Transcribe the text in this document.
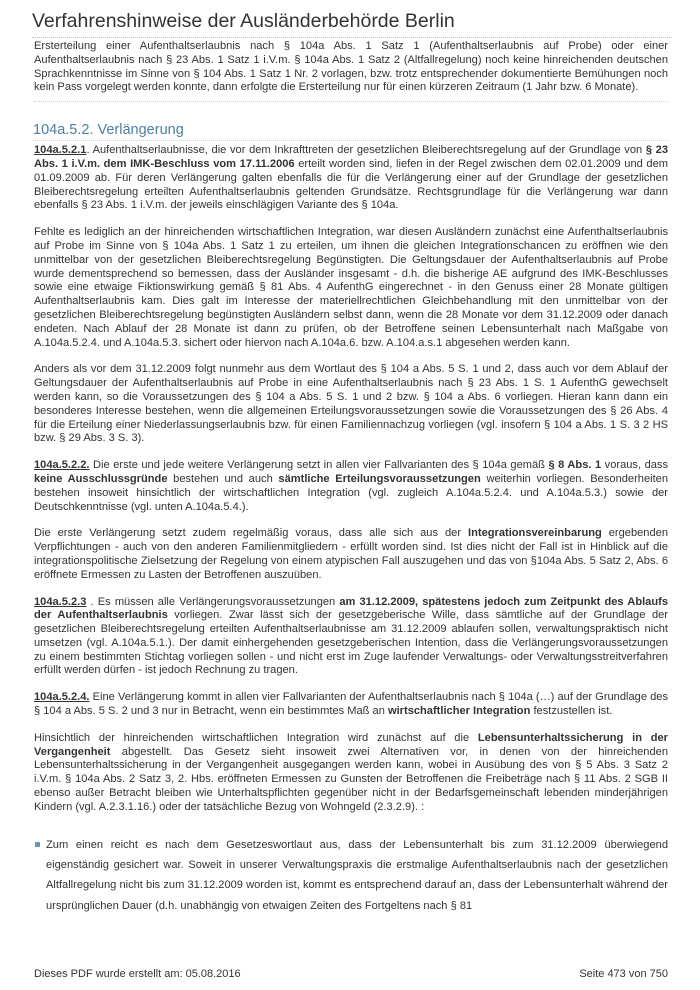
Verfahrenshinweise der Ausländerbehörde Berlin

Ersterteilung einer Aufenthaltserlaubnis nach § 104a Abs. 1 Satz 1 (Aufenthaltserlaubnis auf Probe) oder einer Aufenthaltserlaubnis nach § 23 Abs. 1 Satz 1 i.V.m. § 104a Abs. 1 Satz 2 (Altfallregelung) noch keine hinreichenden deutschen Sprachkenntnisse im Sinne von § 104 Abs. 1 Satz 1 Nr. 2 vorlagen, bzw. trotz entsprechender dokumentierte Bemühungen noch kein Pass vorgelegt werden konnte, dann erfolgte die Ersterteilung nur für einen kürzeren Zeitraum (1 Jahr bzw. 6 Monate).

104a.5.2. Verlängerung

104a.5.2.1. Aufenthaltserlaubnisse, die vor dem Inkrafttreten der gesetzlichen Bleiberechtsregelung auf der Grundlage von § 23 Abs. 1 i.V.m. dem IMK-Beschluss vom 17.11.2006 erteilt worden sind, liefen in der Regel zwischen dem 02.01.2009 und dem 01.09.2009 ab. Für deren Verlängerung galten ebenfalls die für die Verlängerung einer auf der Grundlage der gesetzlichen Bleiberechtsregelung erteilten Aufenthaltserlaubnis geltenden Grundsätze. Rechtsgrundlage für die Verlängerung war dann ebenfalls § 23 Abs. 1 i.V.m. der jeweils einschlägigen Variante des § 104a.

Fehlte es lediglich an der hinreichenden wirtschaftlichen Integration, war diesen Ausländern zunächst eine Aufenthaltserlaubnis auf Probe im Sinne von § 104a Abs. 1 Satz 1 zu erteilen, um ihnen die gleichen Integrationschancen zu eröffnen wie den unmittelbar von der gesetzlichen Bleiberechtsregelung Begünstigten. Die Geltungsdauer der Aufenthaltserlaubnis auf Probe wurde dementsprechend so bemessen, dass der Ausländer insgesamt - d.h. die bisherige AE aufgrund des IMK-Beschlusses sowie eine etwaige Fiktionswirkung gemäß § 81 Abs. 4 AufenthG eingerechnet - in den Genuss einer 28 Monate gültigen Aufenthaltserlaubnis kam. Dies galt im Interesse der materiellrechtlichen Gleichbehandlung mit den unmittelbar von der gesetzlichen Bleiberechtsregelung begünstigten Ausländern selbst dann, wenn die 28 Monate vor dem 31.12.2009 oder danach endeten. Nach Ablauf der 28 Monate ist dann zu prüfen, ob der Betroffene seinen Lebensunterhalt nach Maßgabe von A.104a.5.2.4. und A.104a.5.3. sichert oder hiervon nach A.104a.6. bzw. A.104.a.s.1 abgesehen werden kann.

Anders als vor dem 31.12.2009 folgt nunmehr aus dem Wortlaut des § 104 a Abs. 5 S. 1 und 2, dass auch vor dem Ablauf der Geltungsdauer der Aufenthaltserlaubnis auf Probe in eine Aufenthaltserlaubnis nach § 23 Abs. 1 S. 1 AufenthG gewechselt werden kann, so die Voraussetzungen des § 104 a Abs. 5 S. 1 und 2 bzw. § 104 a Abs. 6 vorliegen. Hieran kann dann ein besonderes Interesse bestehen, wenn die allgemeinen Erteilungsvoraussetzungen sowie die Voraussetzungen des § 26 Abs. 4 für die Erteilung einer Niederlassungserlaubnis bzw. für einen Familiennachzug vorliegen (vgl. insofern § 104 a Abs. 1 S. 3 2 HS bzw. § 29 Abs. 3 S. 3).

104a.5.2.2. Die erste und jede weitere Verlängerung setzt in allen vier Fallvarianten des § 104a gemäß § 8 Abs. 1 voraus, dass keine Ausschlussgründe bestehen und auch sämtliche Erteilungsvoraussetzungen weiterhin vorliegen. Besonderheiten bestehen insoweit hinsichtlich der wirtschaftlichen Integration (vgl. zugleich A.104a.5.2.4. und A.104a.5.3.) sowie der Deutschkenntnisse (vgl. unten A.104a.5.4.).

Die erste Verlängerung setzt zudem regelmäßig voraus, dass alle sich aus der Integrationsvereinbarung ergebenden Verpflichtungen - auch von den anderen Familienmitgliedern - erfüllt worden sind. Ist dies nicht der Fall ist in Hinblick auf die integrationspolitische Zielsetzung der Regelung von einem atypischen Fall auszugehen und das von §104a Abs. 5 Satz 2, Abs. 6 eröffnete Ermessen zu Lasten der Betroffenen auszuüben.

104a.5.2.3 . Es müssen alle Verlängerungsvoraussetzungen am 31.12.2009, spätestens jedoch zum Zeitpunkt des Ablaufs der Aufenthaltserlaubnis vorliegen. Zwar lässt sich der gesetzgeberische Wille, dass sämtliche auf der Grundlage der gesetzlichen Bleiberechtsregelung erteilten Aufenthaltserlaubnisse am 31.12.2009 ablaufen sollen, verwaltungspraktisch nicht umsetzen (vgl. A.104a.5.1.). Der damit einhergehenden gesetzgeberischen Intention, dass die Verlängerungsvoraussetzungen zu einem bestimmten Stichtag vorliegen sollen - und nicht erst im Zuge laufender Verwaltungs- oder Verwaltungsstreitverfahren erfüllt werden dürfen - ist jedoch Rechnung zu tragen.

104a.5.2.4. Eine Verlängerung kommt in allen vier Fallvarianten der Aufenthaltserlaubnis nach § 104a (…) auf der Grundlage des § 104 a Abs. 5 S. 2 und 3 nur in Betracht, wenn ein bestimmtes Maß an wirtschaftlicher Integration festzustellen ist.

Hinsichtlich der hinreichenden wirtschaftlichen Integration wird zunächst auf die Lebensunterhaltssicherung in der Vergangenheit abgestellt. Das Gesetz sieht insoweit zwei Alternativen vor, in denen von der hinreichenden Lebensunterhaltssicherung in der Vergangenheit ausgegangen werden kann, wobei in Ausübung des von § 5 Abs. 3 Satz 2 i.V.m. § 104a Abs. 2 Satz 3, 2. Hbs. eröffneten Ermessen zu Gunsten der Betroffenen die Freibeträge nach § 11 Abs. 2 SGB II ebenso außer Betracht bleiben wie Unterhaltspflichten gegenüber nicht in der Bedarfsgemeinschaft lebenden minderjährigen Kindern (vgl. A.2.3.1.16.) oder der tatsächliche Bezug von Wohngeld (2.3.2.9). :

Zum einen reicht es nach dem Gesetzeswortlaut aus, dass der Lebensunterhalt bis zum 31.12.2009 überwiegend eigenständig gesichert war. Soweit in unserer Verwaltungspraxis die erstmalige Aufenthaltserlaubnis nach der gesetzlichen Altfallregelung nicht bis zum 31.12.2009 worden ist, kommt es entsprechend darauf an, dass der Lebensunterhalt während der ursprünglichen Dauer (d.h. unabhängig von etwaigen Zeiten des Fortgeltens nach § 81
Dieses PDF wurde erstellt am: 05.08.2016	Seite 473 von 750
